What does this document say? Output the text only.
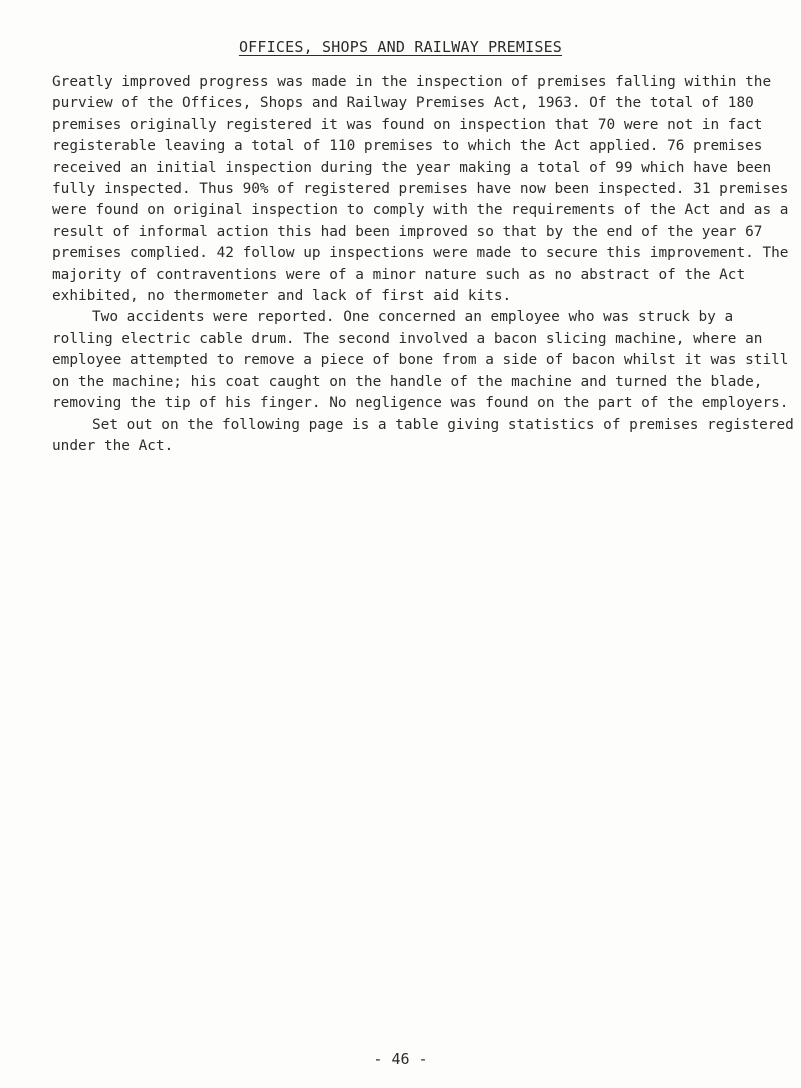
OFFICES, SHOPS AND RAILWAY PREMISES

Greatly improved progress was made in the inspection of premises falling within the purview of the Offices, Shops and Railway Premises Act, 1963. Of the total of 180 premises originally registered it was found on inspection that 70 were not in fact registerable leaving a total of 110 premises to which the Act applied. 76 premises received an initial inspection during the year making a total of 99 which have been fully inspected. Thus 90% of registered premises have now been inspected. 31 premises were found on original inspection to comply with the requirements of the Act and as a result of informal action this had been improved so that by the end of the year 67 premises complied. 42 follow up inspections were made to secure this improvement. The majority of contraventions were of a minor nature such as no abstract of the Act exhibited, no thermometer and lack of first aid kits.

Two accidents were reported. One concerned an employee who was struck by a rolling electric cable drum. The second involved a bacon slicing machine, where an employee attempted to remove a piece of bone from a side of bacon whilst it was still on the machine; his coat caught on the handle of the machine and turned the blade, removing the tip of his finger. No negligence was found on the part of the employers.

Set out on the following page is a table giving statistics of premises registered under the Act.

- 46 -
